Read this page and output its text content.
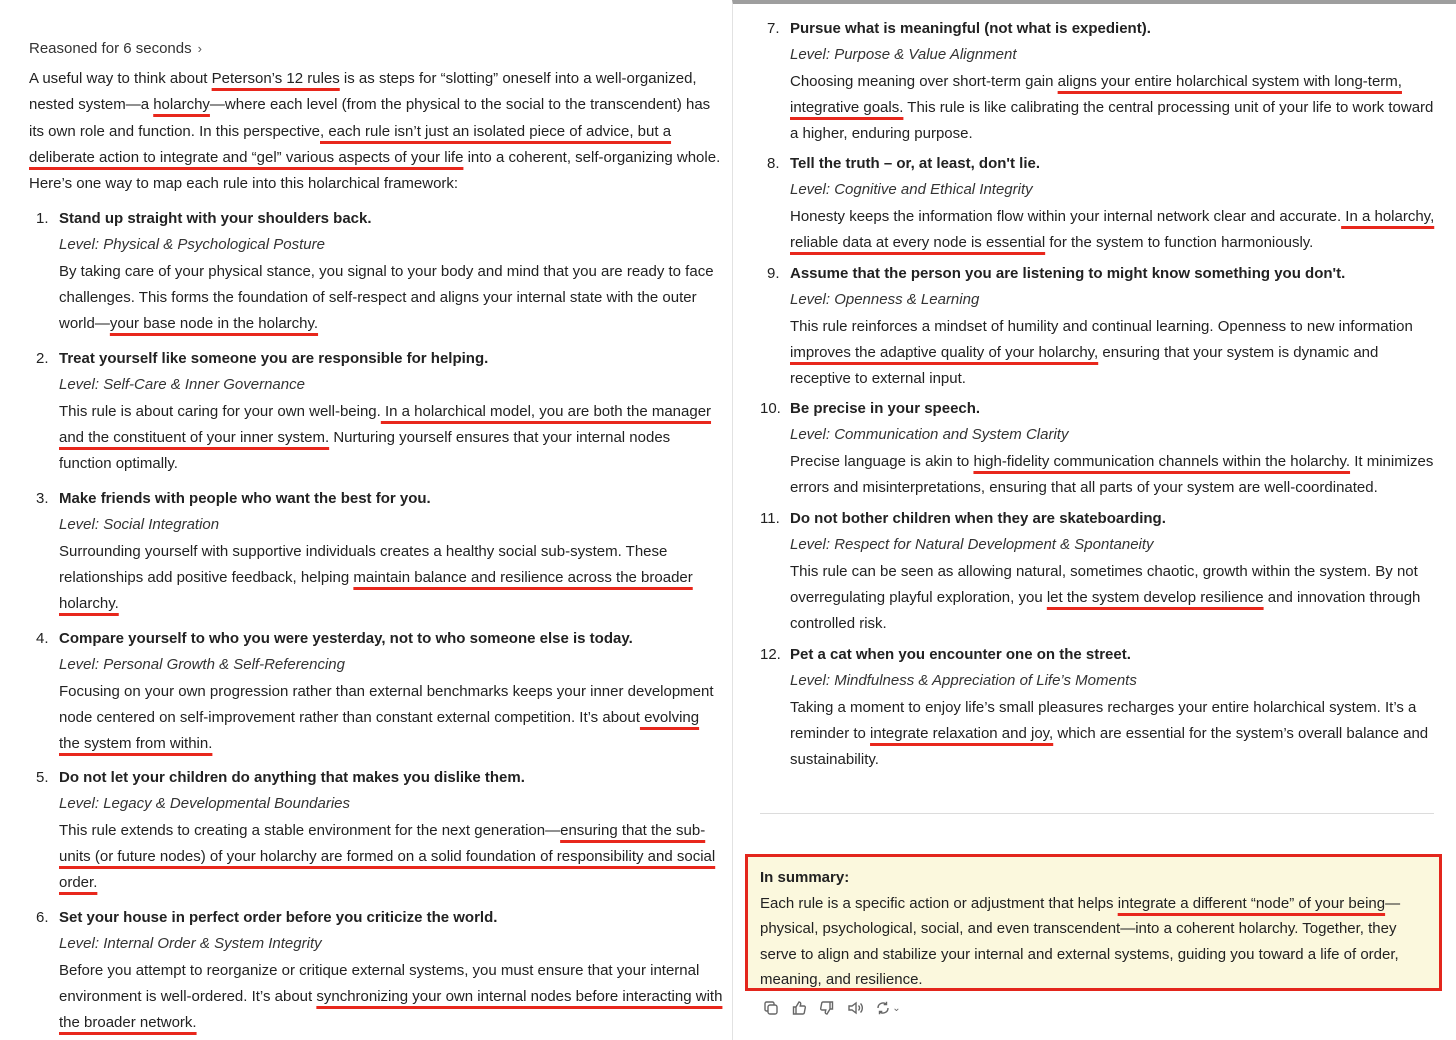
Reasoned for 6 seconds ›
A useful way to think about Peterson’s 12 rules is as steps for “slotting” oneself into a well-organized, nested system—a holarchy—where each level (from the physical to the social to the transcendent) has its own role and function. In this perspective, each rule isn’t just an isolated piece of advice, but a deliberate action to integrate and “gel” various aspects of your life into a coherent, self-organizing whole. Here’s one way to map each rule into this holarchical framework:
1. Stand up straight with your shoulders back.

Level: Physical & Psychological Posture

By taking care of your physical stance, you signal to your body and mind that you are ready to face challenges. This forms the foundation of self-respect and aligns your internal state with the outer world—your base node in the holarchy.

2. Treat yourself like someone you are responsible for helping.

Level: Self-Care & Inner Governance

This rule is about caring for your own well-being. In a holarchical model, you are both the manager and the constituent of your inner system. Nurturing yourself ensures that your internal nodes function optimally.

3. Make friends with people who want the best for you.

Level: Social Integration

Surrounding yourself with supportive individuals creates a healthy social sub-system. These relationships add positive feedback, helping maintain balance and resilience across the broader holarchy.

4. Compare yourself to who you were yesterday, not to who someone else is today.

Level: Personal Growth & Self-Referencing

Focusing on your own progression rather than external benchmarks keeps your inner development node centered on self-improvement rather than constant external competition. It’s about evolving the system from within.

5. Do not let your children do anything that makes you dislike them.

Level: Legacy & Developmental Boundaries

This rule extends to creating a stable environment for the next generation—ensuring that the sub-units (or future nodes) of your holarchy are formed on a solid foundation of responsibility and social order.

6. Set your house in perfect order before you criticize the world.

Level: Internal Order & System Integrity

Before you attempt to reorganize or critique external systems, you must ensure that your internal environment is well-ordered. It’s about synchronizing your own internal nodes before interacting with the broader network.

7. Pursue what is meaningful (not what is expedient).

Level: Purpose & Value Alignment

Choosing meaning over short-term gain aligns your entire holarchical system with long-term, integrative goals. This rule is like calibrating the central processing unit of your life to work toward a higher, enduring purpose.

8. Tell the truth – or, at least, don't lie.

Level: Cognitive and Ethical Integrity

Honesty keeps the information flow within your internal network clear and accurate. In a holarchy, reliable data at every node is essential for the system to function harmoniously.

9. Assume that the person you are listening to might know something you don't.

Level: Openness & Learning

This rule reinforces a mindset of humility and continual learning. Openness to new information improves the adaptive quality of your holarchy, ensuring that your system is dynamic and receptive to external input.

10. Be precise in your speech.

Level: Communication and System Clarity

Precise language is akin to high-fidelity communication channels within the holarchy. It minimizes errors and misinterpretations, ensuring that all parts of your system are well-coordinated.

11. Do not bother children when they are skateboarding.

Level: Respect for Natural Development & Spontaneity

This rule can be seen as allowing natural, sometimes chaotic, growth within the system. By not overregulating playful exploration, you let the system develop resilience and innovation through controlled risk.

12. Pet a cat when you encounter one on the street.

Level: Mindfulness & Appreciation of Life’s Moments

Taking a moment to enjoy life’s small pleasures recharges your entire holarchical system. It’s a reminder to integrate relaxation and joy, which are essential for the system’s overall balance and sustainability.

In summary:

Each rule is a specific action or adjustment that helps integrate a different “node” of your being—physical, psychological, social, and even transcendent—into a coherent holarchy. Together, they serve to align and stabilize your internal and external systems, guiding you toward a life of order, meaning, and resilience.

⌄
